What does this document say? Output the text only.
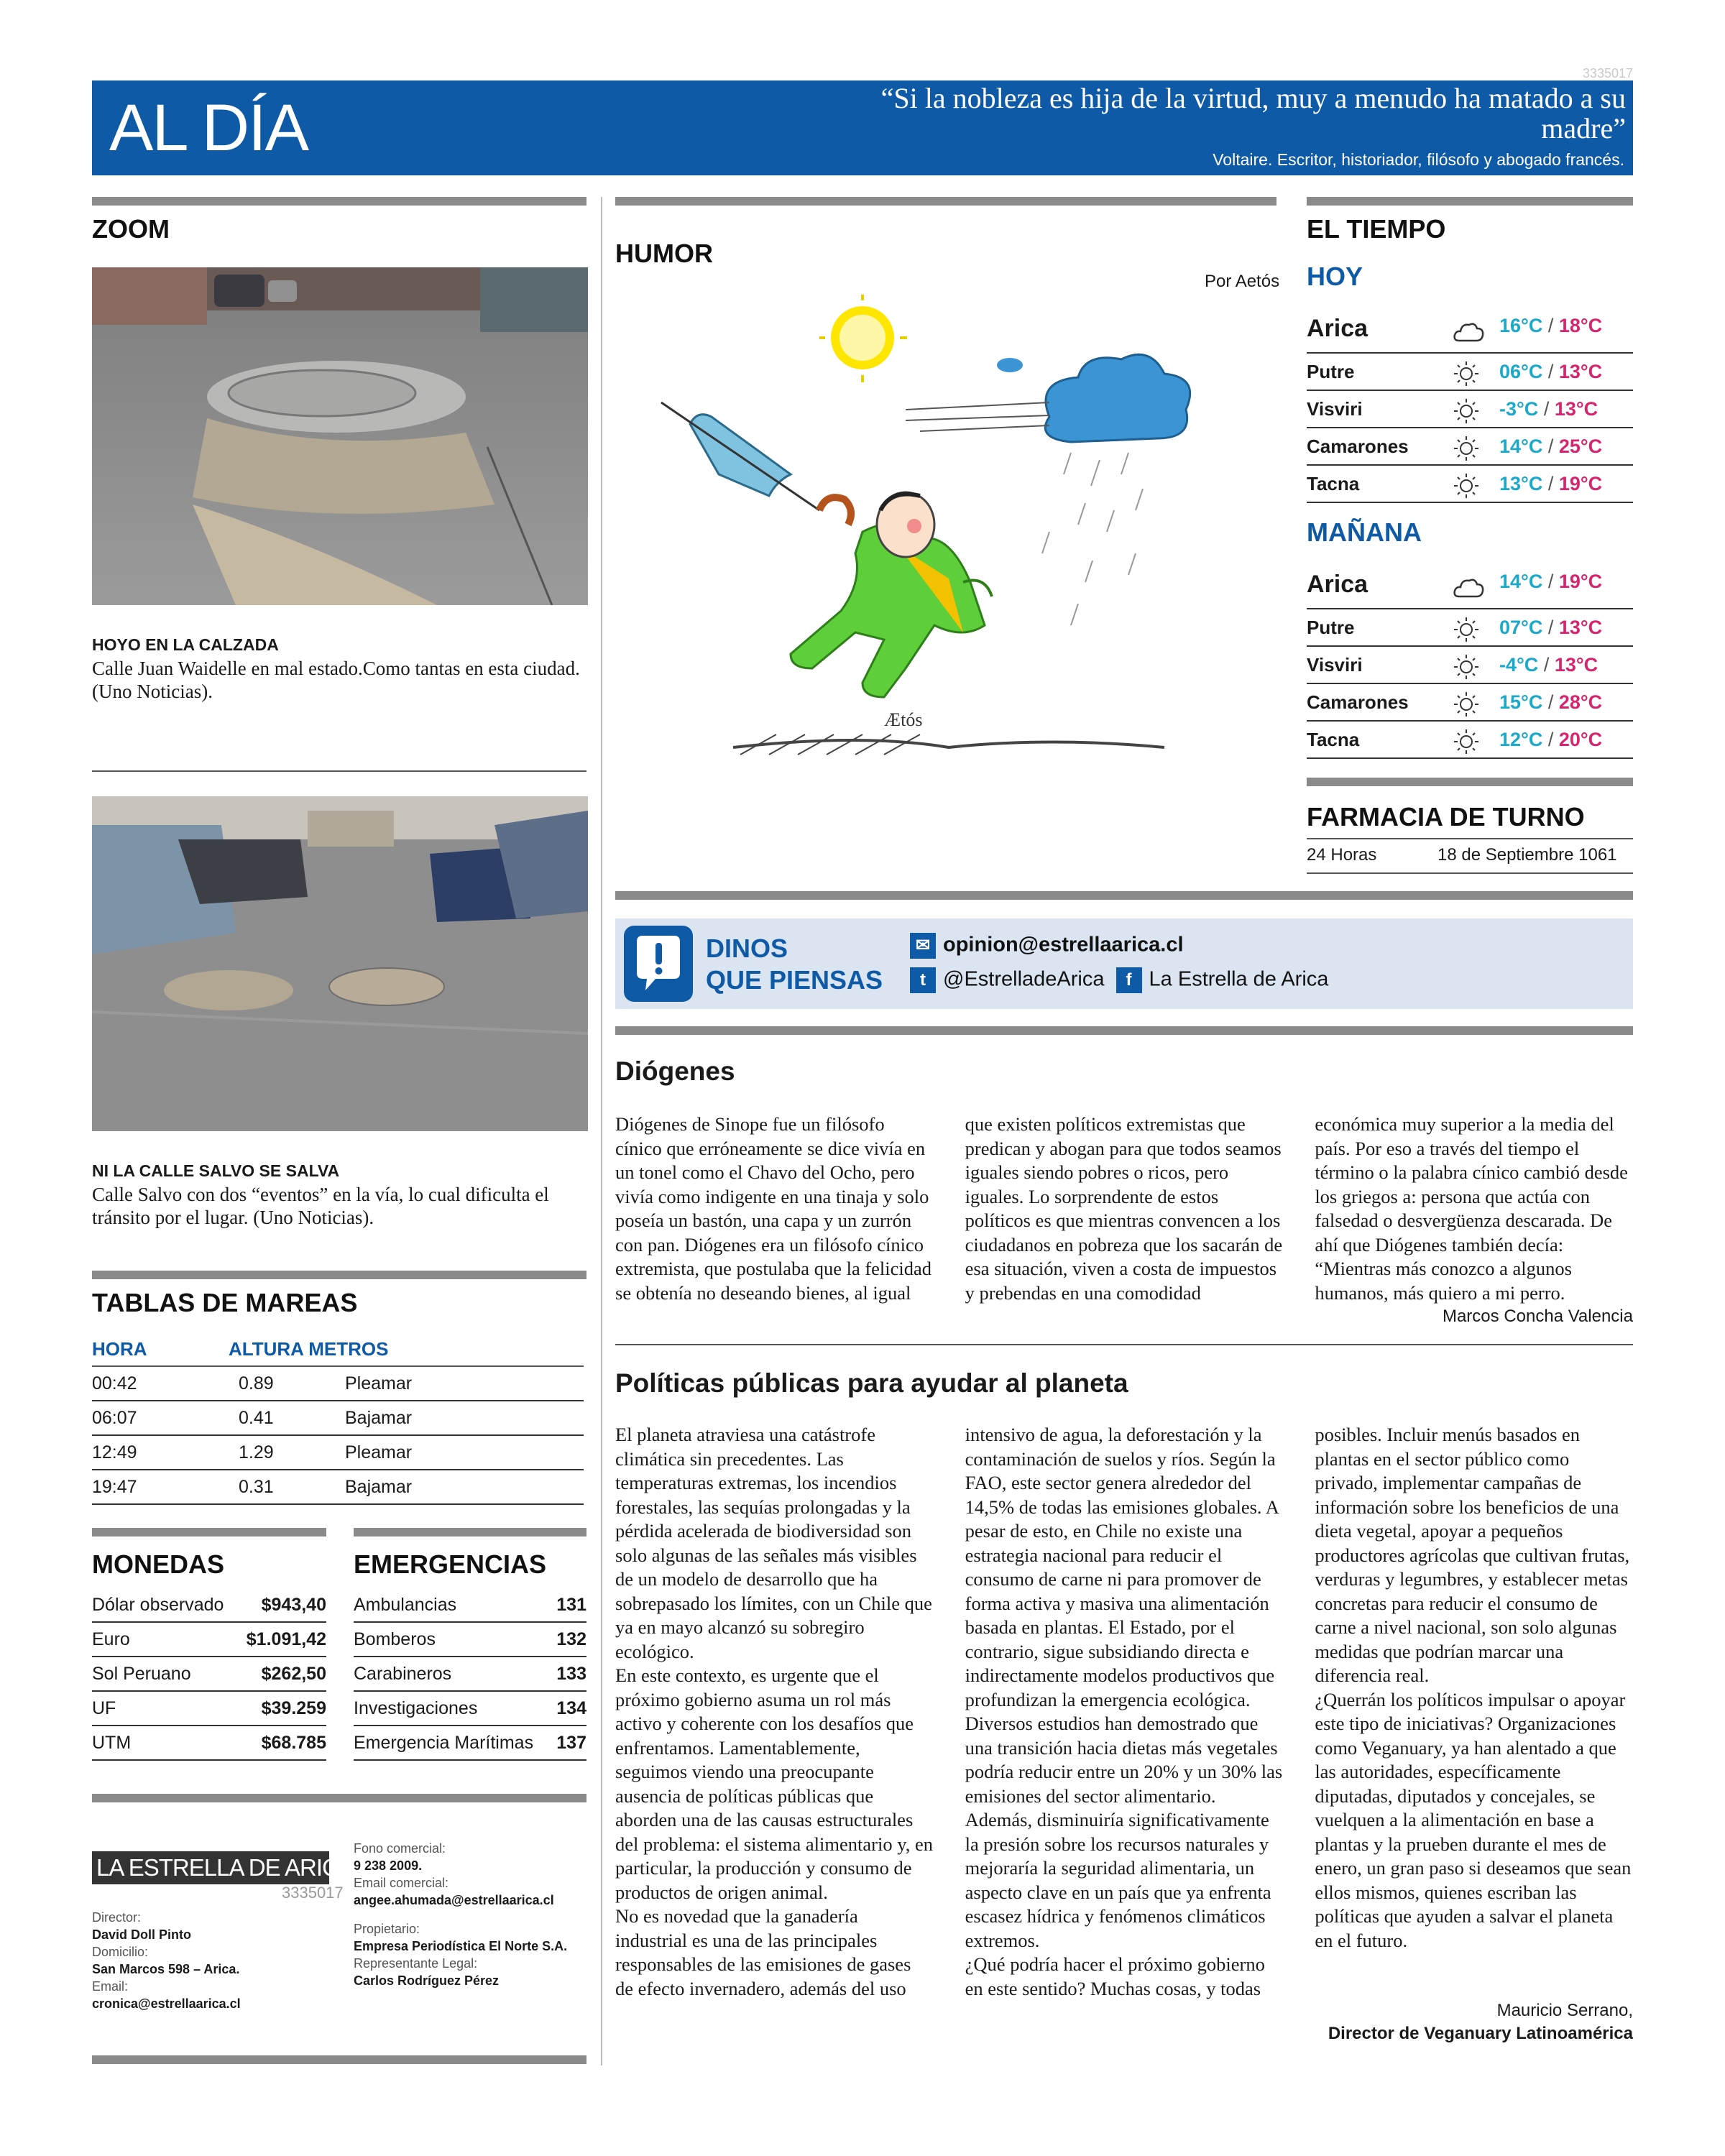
3335017
AL DÍA	“Si la nobleza es hija de la virtud, muy a menudo ha matado a su madre”
Voltaire. Escritor, historiador, filósofo y abogado francés.
ZOOM
HOYO EN LA CALZADA
Calle Juan Waidelle en mal estado.Como tantas en esta ciudad. (Uno Noticias).
NI LA CALLE SALVO SE SALVA
Calle Salvo con dos “eventos” en la vía, lo cual dificulta el tránsito por el lugar. (Uno Noticias).
TABLAS DE MAREAS
HORA	ALTURA METROS
00:42	0.89	Pleamar
06:07	0.41	Bajamar
12:49	1.29	Pleamar
19:47	0.31	Bajamar
MONEDAS
Dólar observado $943,40
Euro	$1.091,42
Sol Peruano	$262,50
UF	$39.259
UTM	$68.785
EMERGENCIAS
Ambulancias	131
Bomberos	132
Carabineros	133
Investigaciones	134
Emergencia Marítimas 137
LA ESTRELLA DE ARICA
3335017
Director:
David Doll Pinto
Domicilio:
San Marcos 598 – Arica.
Email:
cronica@estrellaarica.cl
Fono comercial:
9 238 2009.
Email comercial:
angee.ahumada@estrellaarica.cl
Propietario:
Empresa Periodística El Norte S.A.
Representante Legal:
Carlos Rodríguez Pérez
HUMOR
Por Aetós
Ætós
EL TIEMPO
HOY
Arica	16°C / 18°C
Putre	06°C / 13°C
Visviri	-3°C / 13°C
Camarones	14°C / 25°C
Tacna	13°C / 19°C
MAÑANA
Arica	14°C / 19°C
Putre	07°C / 13°C
Visviri	-4°C / 13°C
Camarones	15°C / 28°C
Tacna	12°C / 20°C
FARMACIA DE TURNO
24 Horas	18 de Septiembre 1061
DINOS
QUE PIENSAS
✉ opinion@estrellaarica.cl
t @EstrelladeArica f La Estrella de Arica
Diógenes

Diógenes de Sinope fue un filósofo cínico que erróneamente se dice vivía en un tonel como el Chavo del Ocho, pero vivía como indigente en una tinaja y solo poseía un bastón, una capa y un zurrón con pan. Diógenes era un filósofo cínico extremista, que postulaba que la felicidad se obtenía no deseando bienes, al igual que existen políticos extremistas que predican y abogan para que todos seamos iguales siendo pobres o ricos, pero iguales. Lo sorprendente de estos políticos es que mientras convencen a los ciudadanos en pobreza que los sacarán de esa situación, viven a costa de impuestos y prebendas en una comodidad económica muy superior a la media del país. Por eso a través del tiempo el término o la palabra cínico cambió desde los griegos a: persona que actúa con falsedad o desvergüenza descarada. De ahí que Diógenes también decía: “Mientras más conozco a algunos humanos, más quiero a mi perro.

Marcos Concha Valencia
Políticas públicas para ayudar al planeta

El planeta atraviesa una catástrofe climática sin precedentes. Las temperaturas extremas, los incendios forestales, las sequías prolongadas y la pérdida acelerada de biodiversidad son solo algunas de las señales más visibles de un modelo de desarrollo que ha sobrepasado los límites, con un Chile que ya en mayo alcanzó su sobregiro ecológico.

En este contexto, es urgente que el próximo gobierno asuma un rol más activo y coherente con los desafíos que enfrentamos. Lamentablemente, seguimos viendo una preocupante ausencia de políticas públicas que aborden una de las causas estructurales del problema: el sistema alimentario y, en particular, la producción y consumo de productos de origen animal.

No es novedad que la ganadería industrial es una de las principales responsables de las emisiones de gases de efecto invernadero, además del uso intensivo de agua, la deforestación y la contaminación de suelos y ríos. Según la FAO, este sector genera alrededor del 14,5% de todas las emisiones globales. A pesar de esto, en Chile no existe una estrategia nacional para reducir el consumo de carne ni para promover de forma activa y masiva una alimentación basada en plantas. El Estado, por el contrario, sigue subsidiando directa e indirectamente modelos productivos que profundizan la emergencia ecológica.

Diversos estudios han demostrado que una transición hacia dietas más vegetales podría reducir entre un 20% y un 30% las emisiones del sector alimentario. Además, disminuiría significativamente la presión sobre los recursos naturales y mejoraría la seguridad alimentaria, un aspecto clave en un país que ya enfrenta escasez hídrica y fenómenos climáticos extremos.

¿Qué podría hacer el próximo gobierno en este sentido? Muchas cosas, y todas posibles. Incluir menús basados en plantas en el sector público como privado, implementar campañas de información sobre los beneficios de una dieta vegetal, apoyar a pequeños productores agrícolas que cultivan frutas, verduras y legumbres, y establecer metas concretas para reducir el consumo de carne a nivel nacional, son solo algunas medidas que podrían marcar una diferencia real.

¿Querrán los políticos impulsar o apoyar este tipo de iniciativas? Organizaciones como Veganuary, ya han alentado a que las autoridades, específicamente diputadas, diputados y concejales, se vuelquen a la alimentación en base a plantas y la prueben durante el mes de enero, un gran paso si deseamos que sean ellos mismos, quienes escriban las políticas que ayuden a salvar el planeta en el futuro.

Mauricio Serrano,
Director de Veganuary Latinoamérica
